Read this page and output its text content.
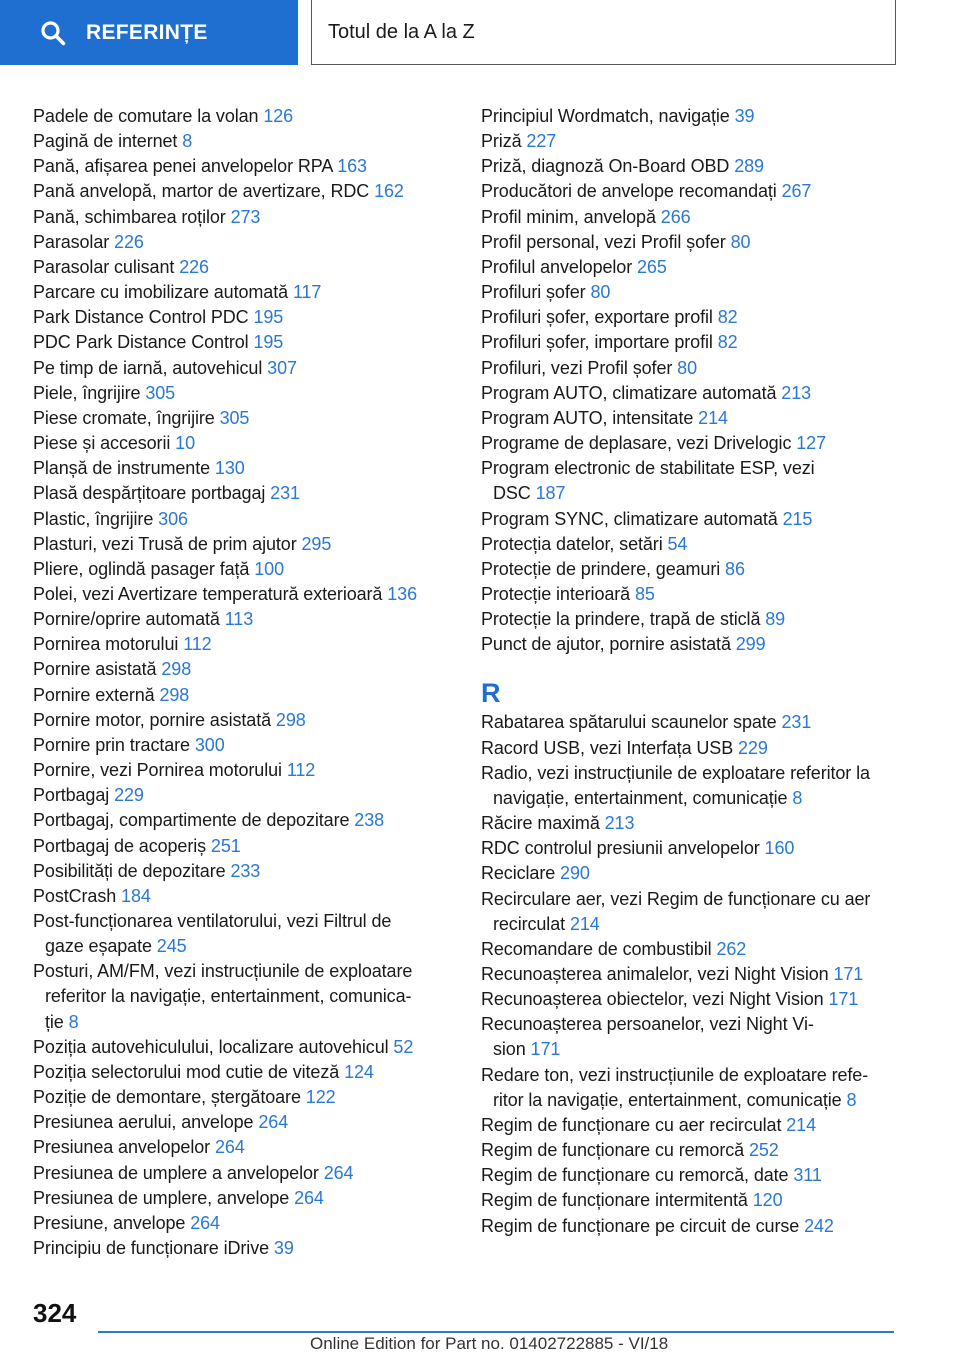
REFERINȚE	Totul de la A la Z
Padele de comutare la volan 126
Pagină de internet 8
Pană, afișarea penei anvelopelor RPA 163
Pană anvelopă, martor de avertizare, RDC 162
Pană, schimbarea roților 273
Parasolar 226
Parasolar culisant 226
Parcare cu imobilizare automată 117
Park Distance Control PDC 195
PDC Park Distance Control 195
Pe timp de iarnă, autovehicul 307
Piele, îngrijire 305
Piese cromate, îngrijire 305
Piese și accesorii 10
Planșă de instrumente 130
Plasă despărțitoare portbagaj 231
Plastic, îngrijire 306
Plasturi, vezi Trusă de prim ajutor 295
Pliere, oglindă pasager față 100
Polei, vezi Avertizare temperatură exterioară 136
Pornire/oprire automată 113
Pornirea motorului 112
Pornire asistată 298
Pornire externă 298
Pornire motor, pornire asistată 298
Pornire prin tractare 300
Pornire, vezi Pornirea motorului 112
Portbagaj 229
Portbagaj, compartimente de depozitare 238
Portbagaj de acoperiș 251
Posibilități de depozitare 233
PostCrash 184
Post-funcționarea ventilatorului, vezi Filtrul de
gaze eșapate 245
Posturi, AM/FM, vezi instrucțiunile de exploatare
referitor la navigație, entertainment, comunica-
ție 8
Poziția autovehiculului, localizare autovehicul 52
Poziția selectorului mod cutie de viteză 124
Poziție de demontare, ștergătoare 122
Presiunea aerului, anvelope 264
Presiunea anvelopelor 264
Presiunea de umplere a anvelopelor 264
Presiunea de umplere, anvelope 264
Presiune, anvelope 264
Principiu de funcționare iDrive 39
Principiul Wordmatch, navigație 39
Priză 227
Priză, diagnoză On-Board OBD 289
Producători de anvelope recomandați 267
Profil minim, anvelopă 266
Profil personal, vezi Profil șofer 80
Profilul anvelopelor 265
Profiluri șofer 80
Profiluri șofer, exportare profil 82
Profiluri șofer, importare profil 82
Profiluri, vezi Profil șofer 80
Program AUTO, climatizare automată 213
Program AUTO, intensitate 214
Programe de deplasare, vezi Drivelogic 127
Program electronic de stabilitate ESP, vezi
DSC 187
Program SYNC, climatizare automată 215
Protecția datelor, setări 54
Protecție de prindere, geamuri 86
Protecție interioară 85
Protecție la prindere, trapă de sticlă 89
Punct de ajutor, pornire asistată 299
R
Rabatarea spătarului scaunelor spate 231
Racord USB, vezi Interfața USB 229
Radio, vezi instrucțiunile de exploatare referitor la
navigație, entertainment, comunicație 8
Răcire maximă 213
RDC controlul presiunii anvelopelor 160
Reciclare 290
Recirculare aer, vezi Regim de funcționare cu aer
recirculat 214
Recomandare de combustibil 262
Recunoașterea animalelor, vezi Night Vision 171
Recunoașterea obiectelor, vezi Night Vision 171
Recunoașterea persoanelor, vezi Night Vi-
sion 171
Redare ton, vezi instrucțiunile de exploatare refe-
ritor la navigație, entertainment, comunicație 8
Regim de funcționare cu aer recirculat 214
Regim de funcționare cu remorcă 252
Regim de funcționare cu remorcă, date 311
Regim de funcționare intermitentă 120
Regim de funcționare pe circuit de curse 242
324
Online Edition for Part no. 01402722885 - VI/18
